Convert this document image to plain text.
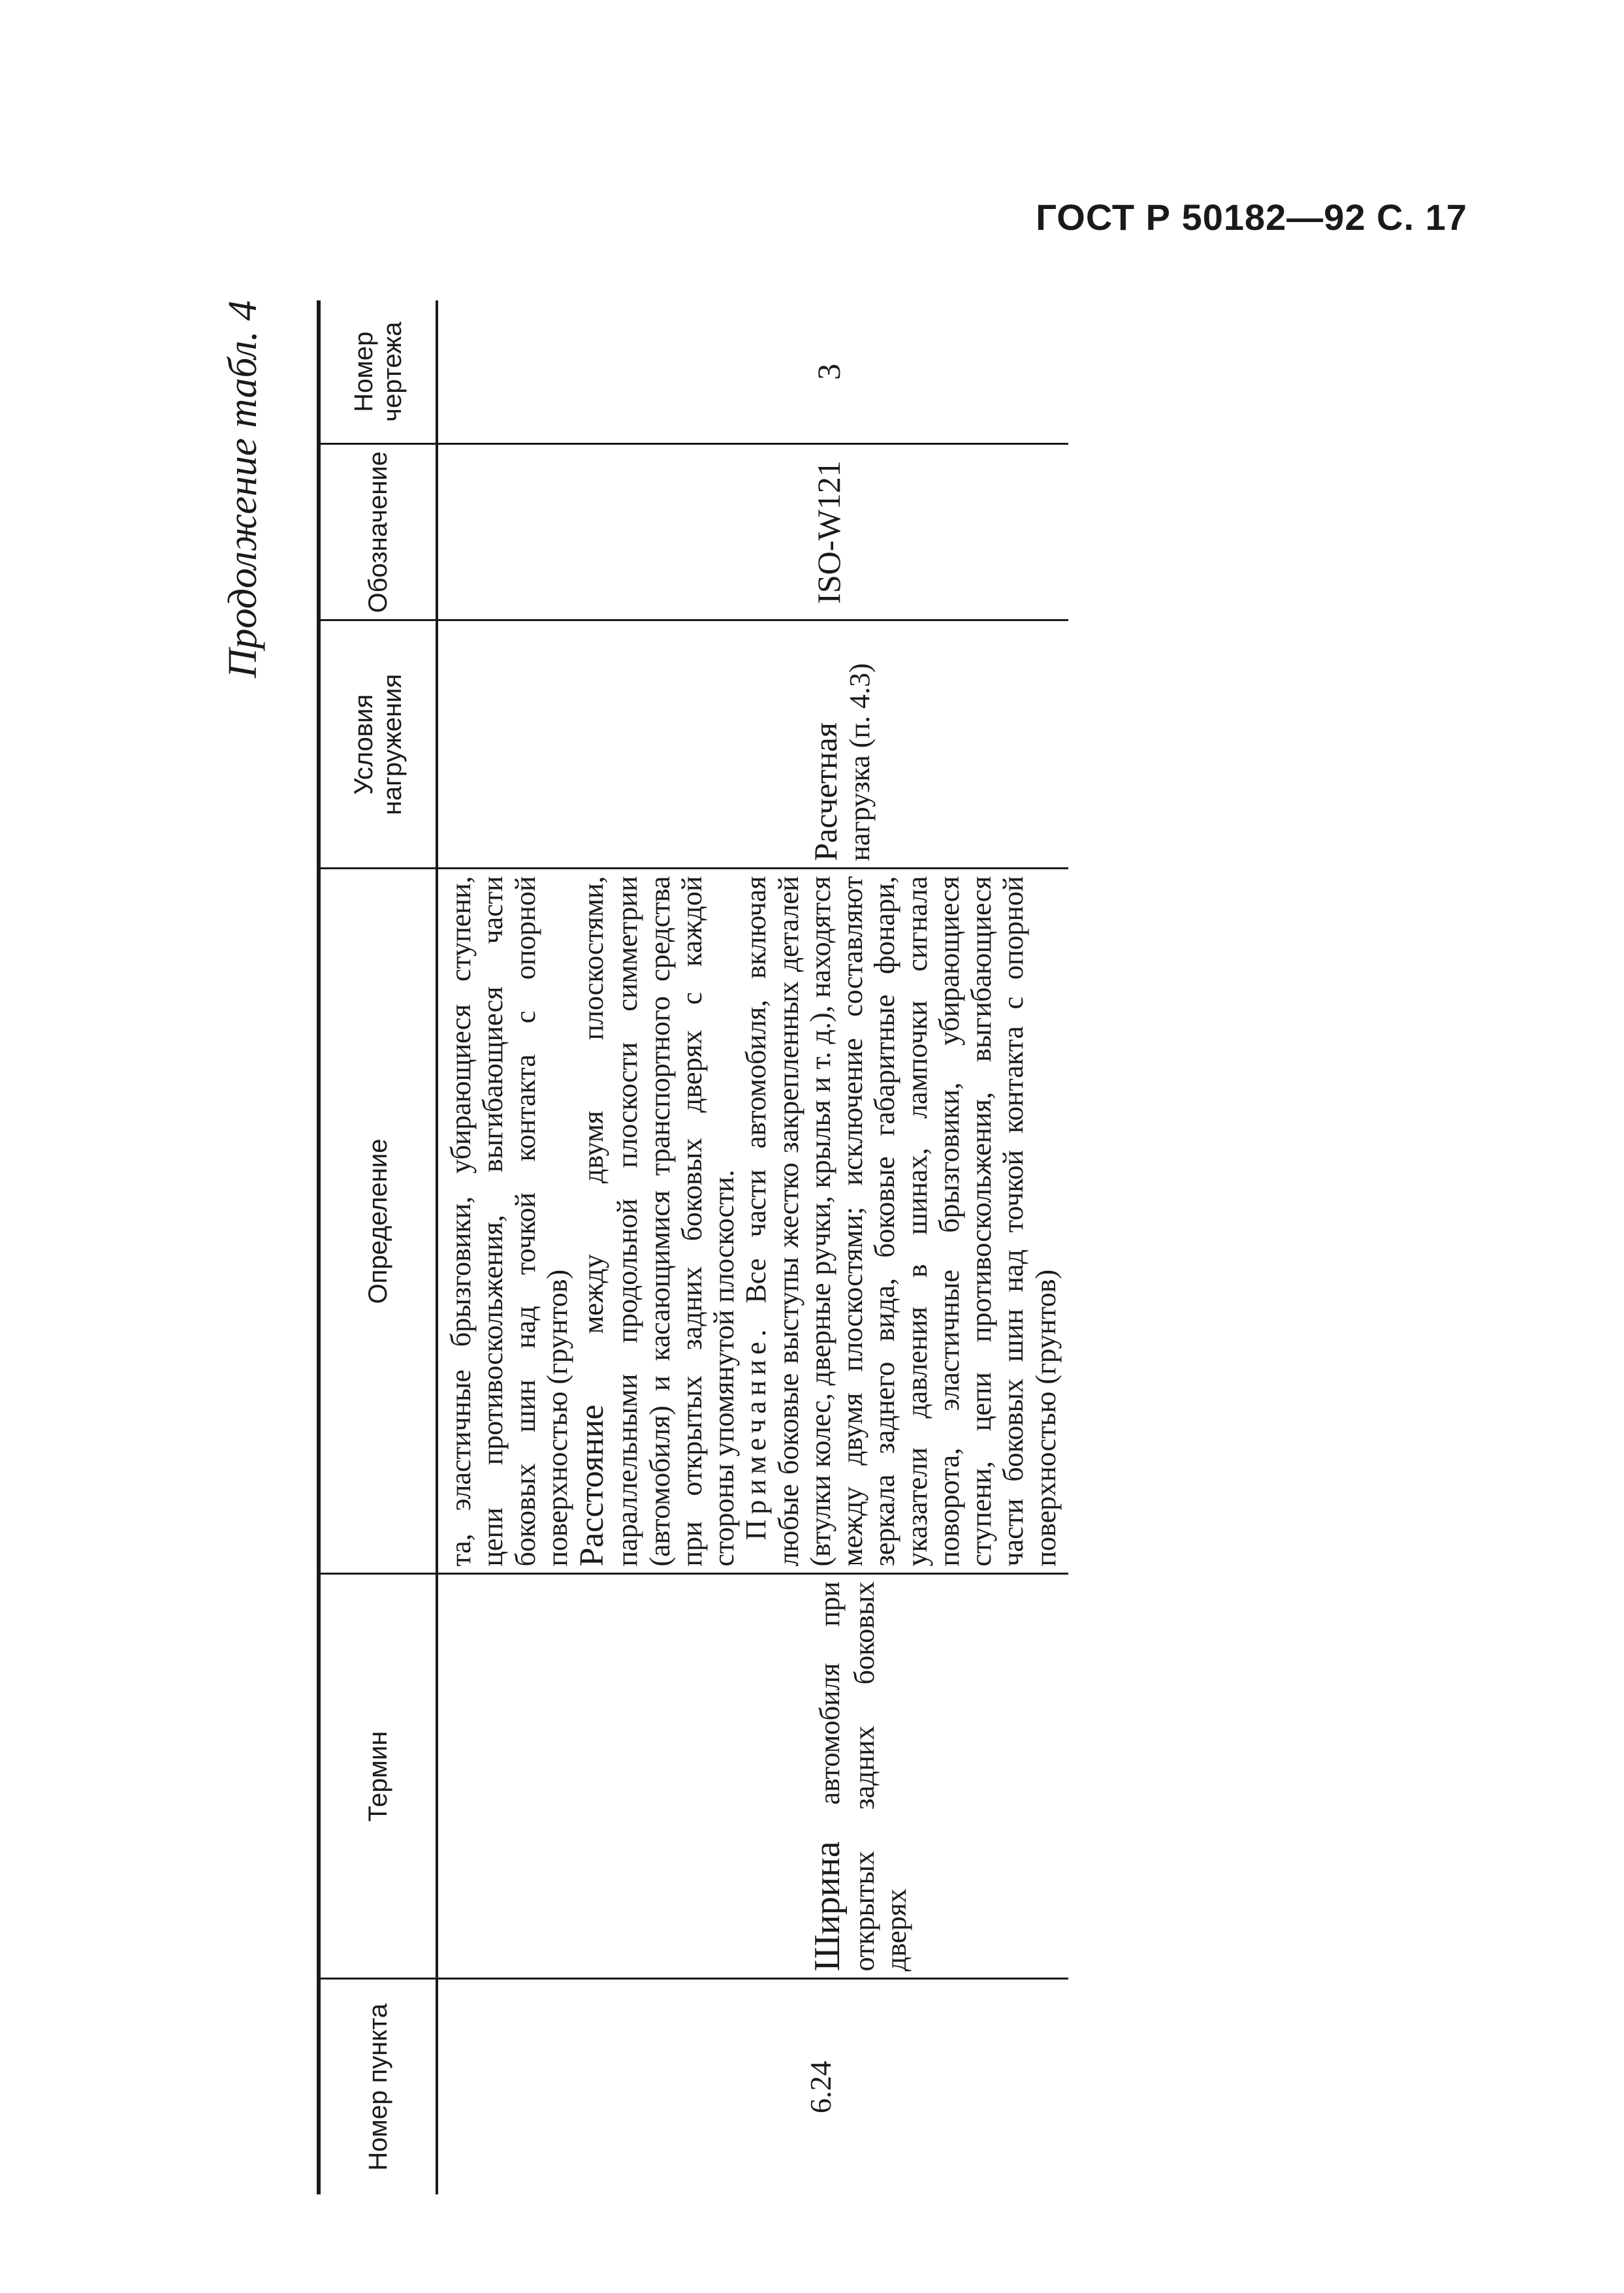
ГОСТ Р 50182—92 С. 17
Продолжение табл. 4
Номер пункта	Термин	Определение	Условия нагружения	Обозначение	Номер чертежа
6.24	Ширина автомобиля при открытых задних боковых дверях	та, эластичные брызговики, убирающиеся ступени, цепи противоскольжения, выгибающиеся части боковых шин над точкой контакта с опорной поверхностью (грунтов) Расстояние между двумя плоскостями, параллельными продольной плоскости симметрии (автомобиля) и касающимися транспортного средства при открытых задних боковых дверях с каждой стороны упомянутой плоскости. Примечание. Все части автомобиля, включая любые боковые выступы жестко закрепленных деталей (втулки колес, дверные ручки, крылья и т. д.), находятся между двумя плоскостями; исключение составляют зеркала заднего вида, боковые габаритные фонари, указатели давления в шинах, лампочки сигнала поворота, эластичные брызговики, убирающиеся ступени, цепи противоскольжения, выгибающиеся части боковых шин над точкой контакта с опорной поверхностью (грунтов)	Расчетная нагрузка (п. 4.3)	ISO-W121	3
